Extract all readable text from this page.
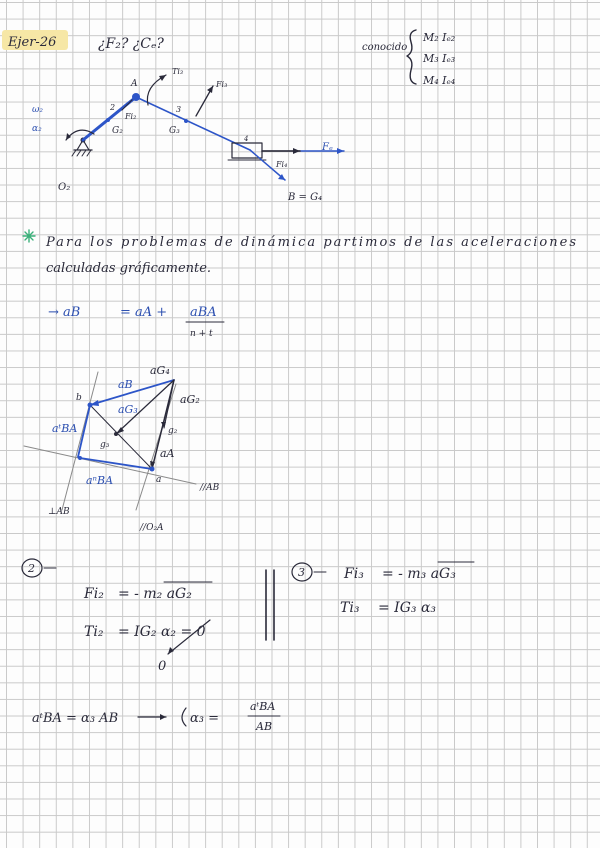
Ejer-26	¿F₂? ¿Cₑ?	conocido
M₂ Iₑ₂
M₃ Iₑ₃
M₄ Iₑ₄
A
2	3
4
G₂	G₃
Fi₂
Ti₃
Fi₃
Fi₄
Fₑ
ω₂
α₂
O₂
B = G₄
Para los problemas de dinámica partimos de las aceleraciones
calculadas gráficamente.
→ aB	= aA + aBA
n + t
aG₄
aB
aG₃
aG₂
aᵗBA
aⁿBA
aA
g₃
g₂
b
a
//AB
⊥AB
//O₂A
2
Fi₂ = - m₂ aG₂
Ti₂ = IG₂ α₂ = 0
0
3	Fi₃ = - m₃ aG₃
Ti₃ = IG₃ α₃
aᵗBA = α₃ AB	α₃ =
aᵗBA
AB
